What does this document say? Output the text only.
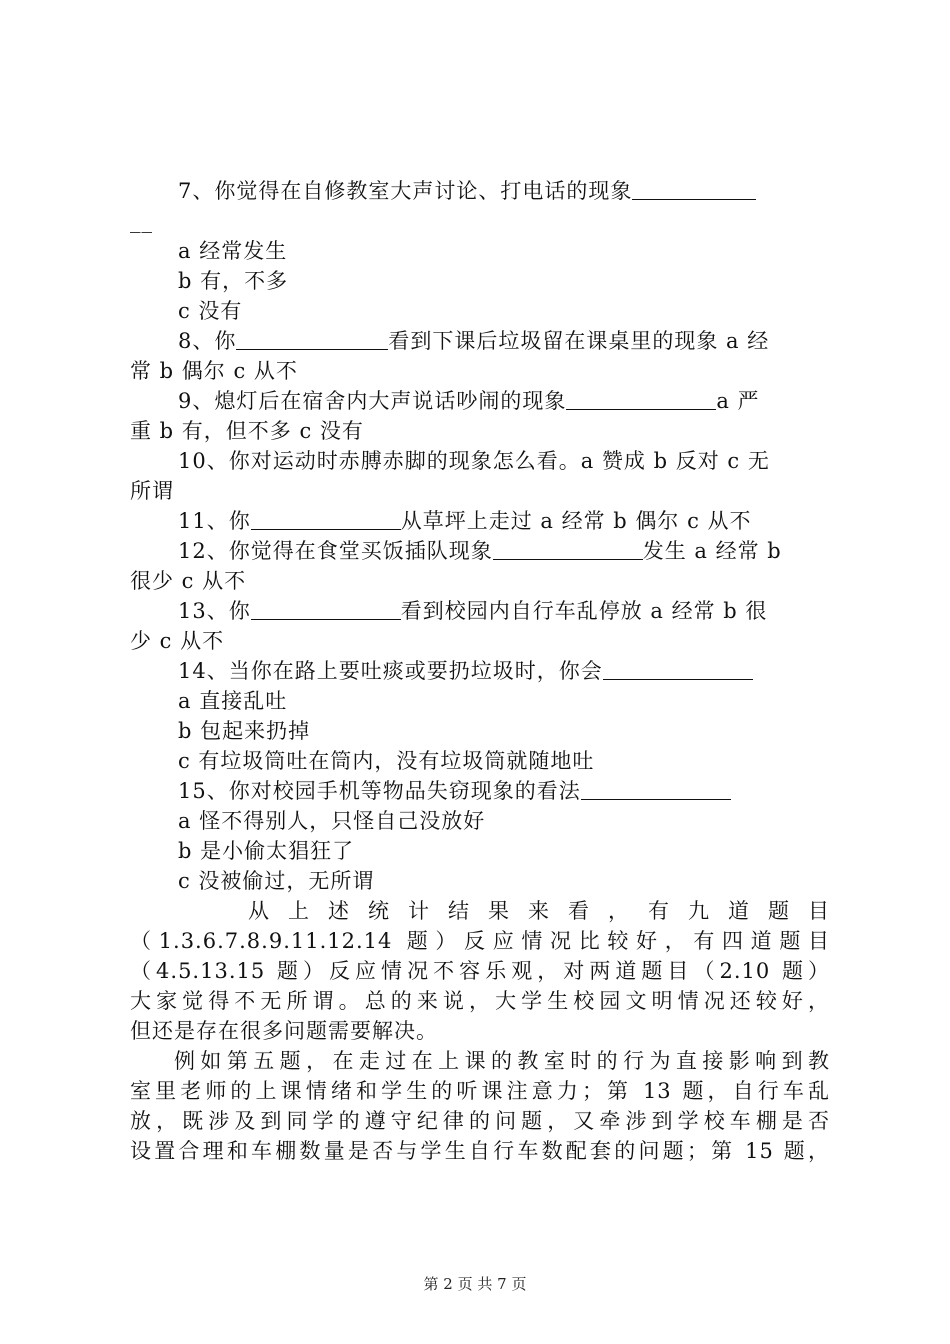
7、你觉得在自修教室大声讨论、打电话的现象
__
a 经常发生
b 有，不多
c 没有
8、你	看到下课后垃圾留在课桌里的现象 a 经
常 b 偶尔 c 从不
9、熄灯后在宿舍内大声说话吵闹的现象	a 严
重 b 有，但不多 c 没有
10、你对运动时赤膊赤脚的现象怎么看。a 赞成 b 反对 c 无
所谓
11、你	从草坪上走过 a 经常 b 偶尔 c 从不
12、你觉得在食堂买饭插队现象	发生 a 经常 b
很少 c 从不
13、你	看到校园内自行车乱停放 a 经常 b 很
少 c 从不
14、当你在路上要吐痰或要扔垃圾时，你会
a 直接乱吐
b 包起来扔掉
c 有垃圾筒吐在筒内，没有垃圾筒就随地吐
15、你对校园手机等物品失窃现象的看法
a 怪不得别人，只怪自己没放好
b 是小偷太猖狂了
c 没被偷过，无所谓
从 上 述 统 计 结 果 来 看 ， 有 九 道 题 目
（1.3.6.7.8.9.11.12.14 题）反应情况比较好，有四道题目
（4.5.13.15 题）反应情况不容乐观，对两道题目（2.10 题）
大家觉得不无所谓。总的来说，大学生校园文明情况还较好，
但还是存在很多问题需要解决。
例如第五题，在走过在上课的教室时的行为直接影响到教
室里老师的上课情绪和学生的听课注意力；第 13 题，自行车乱
放，既涉及到同学的遵守纪律的问题，又牵涉到学校车棚是否
设置合理和车棚数量是否与学生自行车数配套的问题；第 15 题，
第 2 页 共 7 页
